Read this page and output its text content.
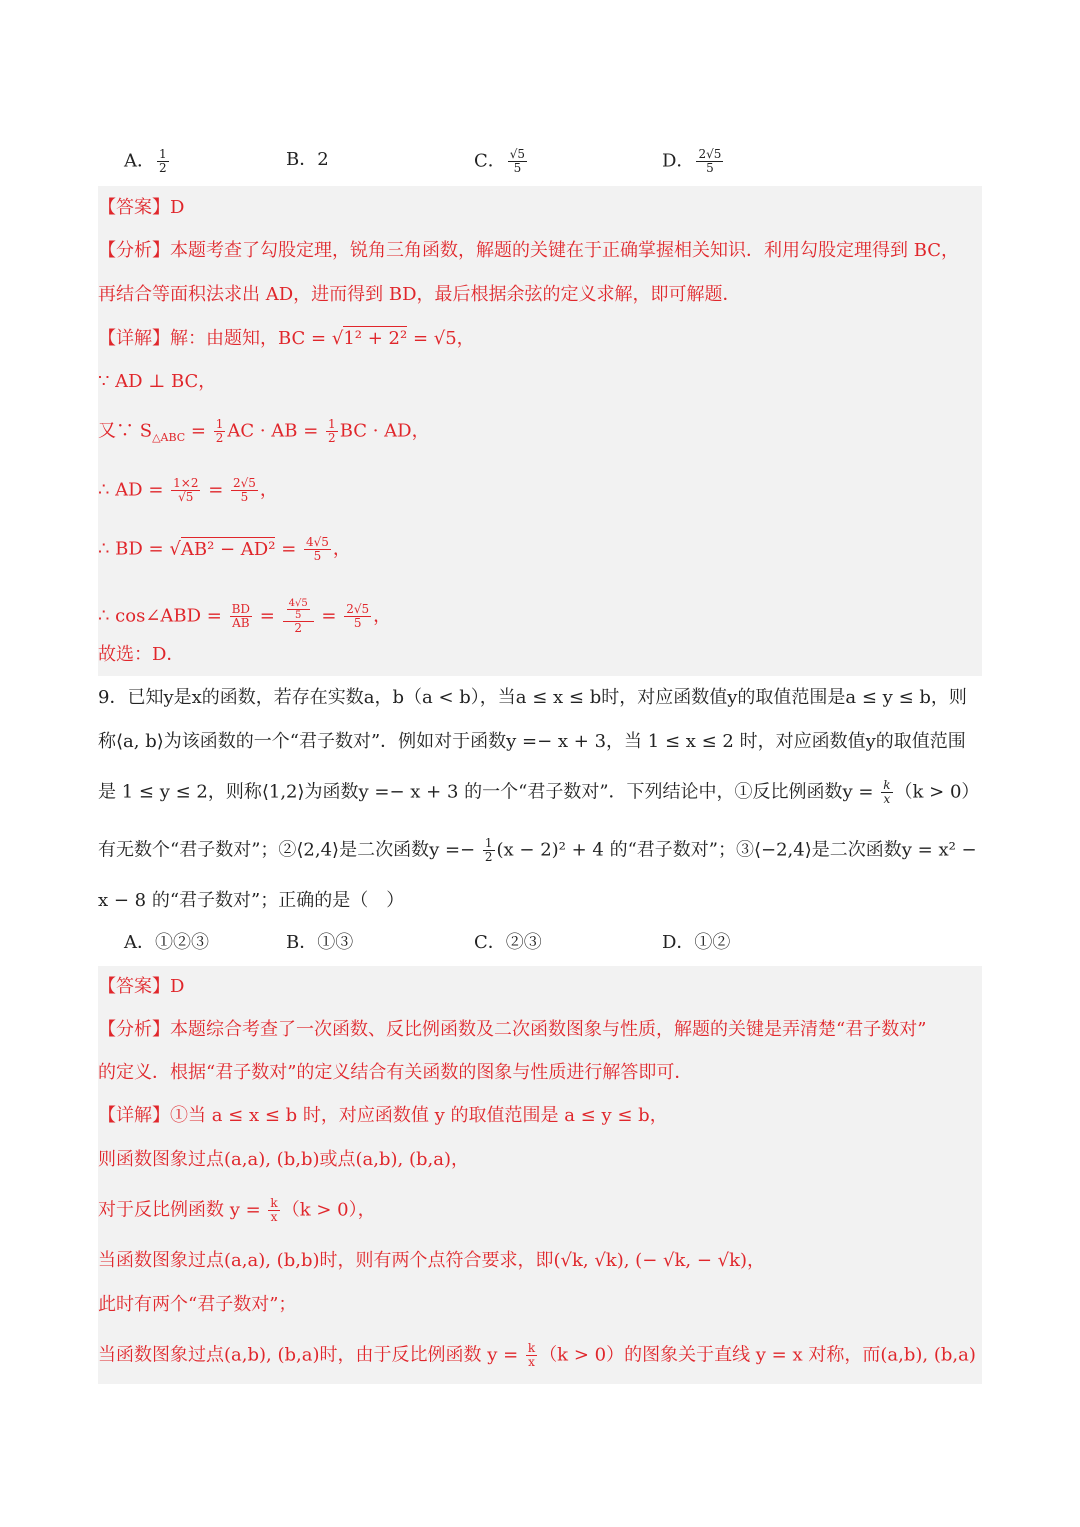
A． $\frac{1}{2}$	B．2	C． $\frac{√5}{5}$	D． $\frac{2√5}{5}$
【答案】D
【分析】本题考查了勾股定理，锐角三角函数，解题的关键在于正确掌握相关知识．利用勾股定理得到 BC，
再结合等面积法求出 AD，进而得到 BD，最后根据余弦的定义求解，即可解题．
【详解】解：由题知，BC = √1² + 2² = √5，
∵ AD ⊥ BC，
又∵ $S_{\triangle ABC} = \frac{1}{2}$ AC · AB = $\frac{1}{2}$ BC · AD，
∴ AD = $\frac{1\times 2}{√5} = \frac{2√5}{5}$ ，
∴ BD = $√AB^2 - AD^2 = \frac{4√5}{5}$ ，
∴ cos∠ABD = $\frac{BD}{AB} = \frac{\frac{4√5}{5}}{2} = \frac{2√5}{5}$ ，
故选：D．
9．已知y是x的函数，若存在实数a，b（a < b），当a ≤ x ≤ b时，对应函数值y的取值范围是a ≤ y ≤ b，则
称⟨a, b⟩为该函数的一个“君子数对”．例如对于函数y =− x + 3，当 1 ≤ x ≤ 2 时，对应函数值y的取值范围
是 1 ≤ y ≤ 2，则称⟨1,2⟩为函数y =− x + 3 的一个“君子数对”．下列结论中，①反比例函数$y = \frac{k}{x} (k > 0)$
有无数个“君子数对”；②⟨2,4⟩是二次函数$y =- \frac{1}{2} (x - 2)^2 + 4$ 的“君子数对”；③⟨−2,4⟩是二次函数y = x² −
x − 8 的“君子数对”；正确的是（　）
A．①②③	B．①③	C．②③	D．①②
【答案】D
【分析】本题综合考查了一次函数、反比例函数及二次函数图象与性质，解题的关键是弄清楚“君子数对”
的定义．根据“君子数对”的定义结合有关函数的图象与性质进行解答即可．
【详解】①当 a ≤ x ≤ b 时，对应函数值 y 的取值范围是 a ≤ y ≤ b，
则函数图象过点(a,a), (b,b)或点(a,b), (b,a)，
对于反比例函数 $y = \frac{k}{x} (k > 0)$，
当函数图象过点(a,a), (b,b)时，则有两个点符合要求，即(√k, √k), (− √k, − √k)，
此时有两个“君子数对”；
当函数图象过点(a,b), (b,a)时，由于反比例函数 $y = \frac{k}{x} (k > 0)$的图象关于直线 y = x 对称，而(a,b), (b,a)
